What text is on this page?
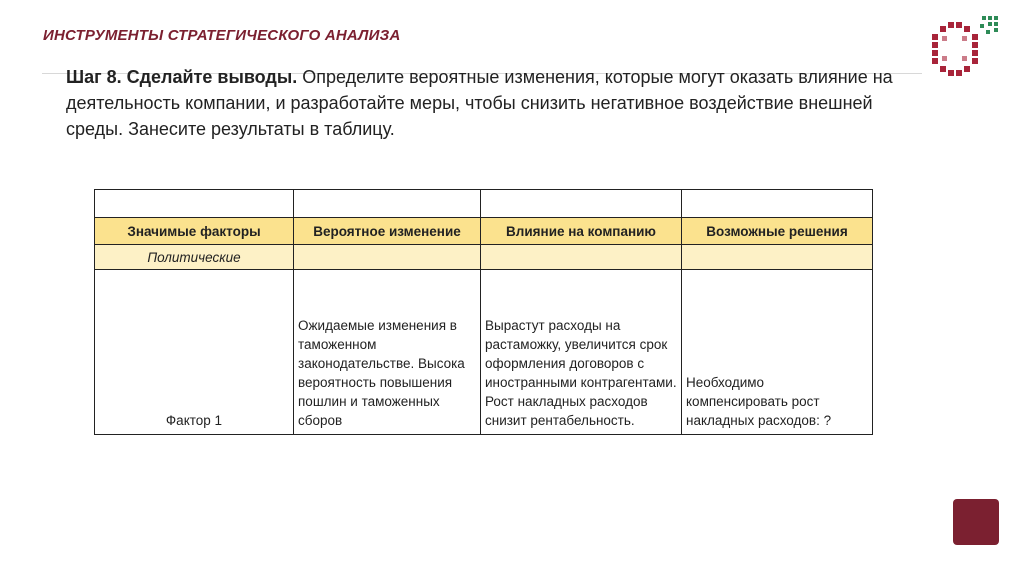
ИНСТРУМЕНТЫ СТРАТЕГИЧЕСКОГО АНАЛИЗА
Шаг 8. Сделайте выводы. Определите вероятные изменения, которые могут оказать влияние на деятельность компании, и разработайте меры, чтобы снизить негативное воздействие внешней среды. Занесите результаты в таблицу.

Значимые факторы	Вероятное изменение	Влияние на компанию	Возможные решения
Политические			
Фактор 1	Ожидаемые изменения в таможенном законодательстве. Высока вероятность повышения пошлин и таможенных сборов	Вырастут расходы на растаможку, увеличится срок оформления договоров с иностранными контрагентами. Рост накладных расходов снизит рентабельность.	Необходимо компенсировать рост накладных расходов: ?
